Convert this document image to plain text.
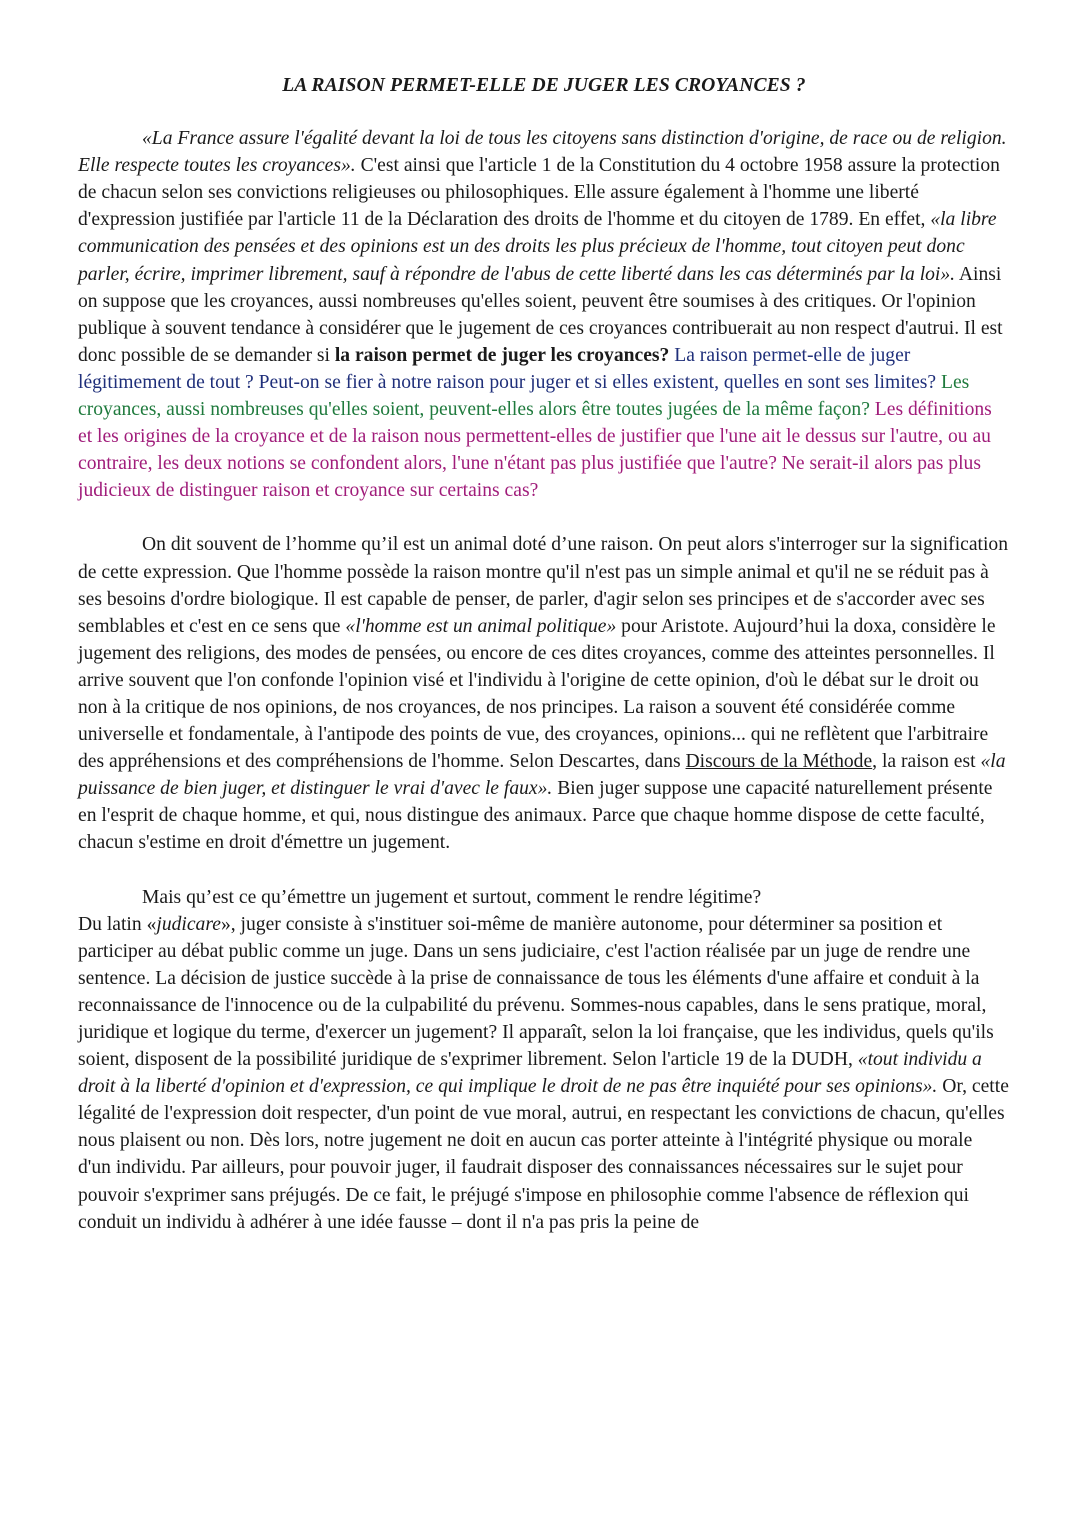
LA RAISON PERMET-ELLE DE JUGER LES CROYANCES ?

«La France assure l'égalité devant la loi de tous les citoyens sans distinction d'origine, de race ou de religion. Elle respecte toutes les croyances». C'est ainsi que l'article 1 de la Constitution du 4 octobre 1958 assure la protection de chacun selon ses convictions religieuses ou philosophiques. Elle assure également à l'homme une liberté d'expression justifiée par l'article 11 de la Déclaration des droits de l'homme et du citoyen de 1789. En effet, «la libre communication des pensées et des opinions est un des droits les plus précieux de l'homme, tout citoyen peut donc parler, écrire, imprimer librement, sauf à répondre de l'abus de cette liberté dans les cas déterminés par la loi». Ainsi on suppose que les croyances, aussi nombreuses qu'elles soient, peuvent être soumises à des critiques. Or l'opinion publique à souvent tendance à considérer que le jugement de ces croyances contribuerait au non respect d'autrui. Il est donc possible de se demander si la raison permet de juger les croyances? La raison permet-elle de juger légitimement de tout ? Peut-on se fier à notre raison pour juger et si elles existent, quelles en sont ses limites? Les croyances, aussi nombreuses qu'elles soient, peuvent-elles alors être toutes jugées de la même façon? Les définitions et les origines de la croyance et de la raison nous permettent-elles de justifier que l'une ait le dessus sur l'autre, ou au contraire, les deux notions se confondent alors, l'une n'étant pas plus justifiée que l'autre? Ne serait-il alors pas plus judicieux de distinguer raison et croyance sur certains cas?

On dit souvent de l’homme qu’il est un animal doté d’une raison. On peut alors s'interroger sur la signification de cette expression. Que l'homme possède la raison montre qu'il n'est pas un simple animal et qu'il ne se réduit pas à ses besoins d'ordre biologique. Il est capable de penser, de parler, d'agir selon ses principes et de s'accorder avec ses semblables et c'est en ce sens que «l'homme est un animal politique» pour Aristote. Aujourd’hui la doxa, considère le jugement des religions, des modes de pensées, ou encore de ces dites croyances, comme des atteintes personnelles. Il arrive souvent que l'on confonde l'opinion visé et l'individu à l'origine de cette opinion, d'où le débat sur le droit ou non à la critique de nos opinions, de nos croyances, de nos principes. La raison a souvent été considérée comme universelle et fondamentale, à l'antipode des points de vue, des croyances, opinions... qui ne reflètent que l'arbitraire des appréhensions et des compréhensions de l'homme. Selon Descartes, dans Discours de la Méthode, la raison est «la puissance de bien juger, et distinguer le vrai d'avec le faux». Bien juger suppose une capacité naturellement présente en l'esprit de chaque homme, et qui, nous distingue des animaux. Parce que chaque homme dispose de cette faculté, chacun s'estime en droit d'émettre un jugement.

Mais qu’est ce qu’émettre un jugement et surtout, comment le rendre légitime?

Du latin «judicare», juger consiste à s'instituer soi-même de manière autonome, pour déterminer sa position et participer au débat public comme un juge. Dans un sens judiciaire, c'est l'action réalisée par un juge de rendre une sentence. La décision de justice succède à la prise de connaissance de tous les éléments d'une affaire et conduit à la reconnaissance de l'innocence ou de la culpabilité du prévenu. Sommes-nous capables, dans le sens pratique, moral, juridique et logique du terme, d'exercer un jugement? Il apparaît, selon la loi française, que les individus, quels qu'ils soient, disposent de la possibilité juridique de s'exprimer librement. Selon l'article 19 de la DUDH, «tout individu a droit à la liberté d'opinion et d'expression, ce qui implique le droit de ne pas être inquiété pour ses opinions». Or, cette légalité de l'expression doit respecter, d'un point de vue moral, autrui, en respectant les convictions de chacun, qu'elles nous plaisent ou non. Dès lors, notre jugement ne doit en aucun cas porter atteinte à l'intégrité physique ou morale d'un individu. Par ailleurs, pour pouvoir juger, il faudrait disposer des connaissances nécessaires sur le sujet pour pouvoir s'exprimer sans préjugés. De ce fait, le préjugé s'impose en philosophie comme l'absence de réflexion qui conduit un individu à adhérer à une idée fausse – dont il n'a pas pris la peine de
